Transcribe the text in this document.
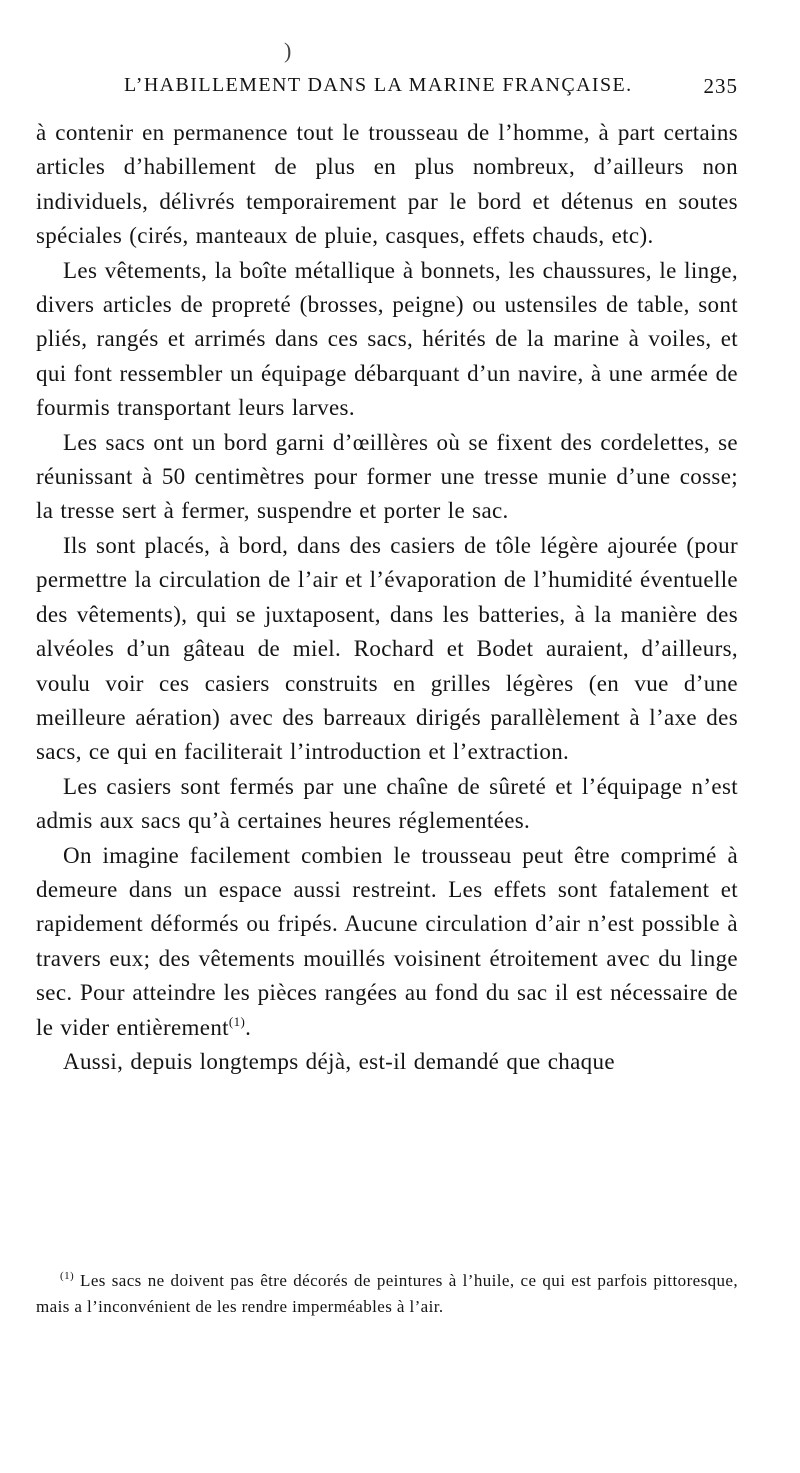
)
L’HABILLEMENT DANS LA MARINE FRANÇAISE.	235

à contenir en permanence tout le trousseau de l’homme, à part certains articles d’habillement de plus en plus nombreux, d’ailleurs non individuels, délivrés temporairement par le bord et détenus en soutes spéciales (cirés, manteaux de pluie, casques, effets chauds, etc).

Les vêtements, la boîte métallique à bonnets, les chaussures, le linge, divers articles de propreté (brosses, peigne) ou ustensiles de table, sont pliés, rangés et arrimés dans ces sacs, hérités de la marine à voiles, et qui font ressembler un équipage débarquant d’un navire, à une armée de fourmis transportant leurs larves.

Les sacs ont un bord garni d’œillères où se fixent des cordelettes, se réunissant à 50 centimètres pour former une tresse munie d’une cosse; la tresse sert à fermer, suspendre et porter le sac.

Ils sont placés, à bord, dans des casiers de tôle légère ajourée (pour permettre la circulation de l’air et l’évaporation de l’humidité éventuelle des vêtements), qui se juxtaposent, dans les batteries, à la manière des alvéoles d’un gâteau de miel. Rochard et Bodet auraient, d’ailleurs, voulu voir ces casiers construits en grilles légères (en vue d’une meilleure aération) avec des barreaux dirigés parallèlement à l’axe des sacs, ce qui en faciliterait l’introduction et l’extraction.

Les casiers sont fermés par une chaîne de sûreté et l’équipage n’est admis aux sacs qu’à certaines heures réglementées.

On imagine facilement combien le trousseau peut être comprimé à demeure dans un espace aussi restreint. Les effets sont fatalement et rapidement déformés ou fripés. Aucune circulation d’air n’est possible à travers eux; des vêtements mouillés voisinent étroitement avec du linge sec. Pour atteindre les pièces rangées au fond du sac il est nécessaire de le vider entièrement$^{(1)}$.

Aussi, depuis longtemps déjà, est-il demandé que chaque

$^{(1)}$ Les sacs ne doivent pas être décorés de peintures à l’huile, ce qui est parfois pittoresque, mais a l’inconvénient de les rendre imperméables à l’air.
